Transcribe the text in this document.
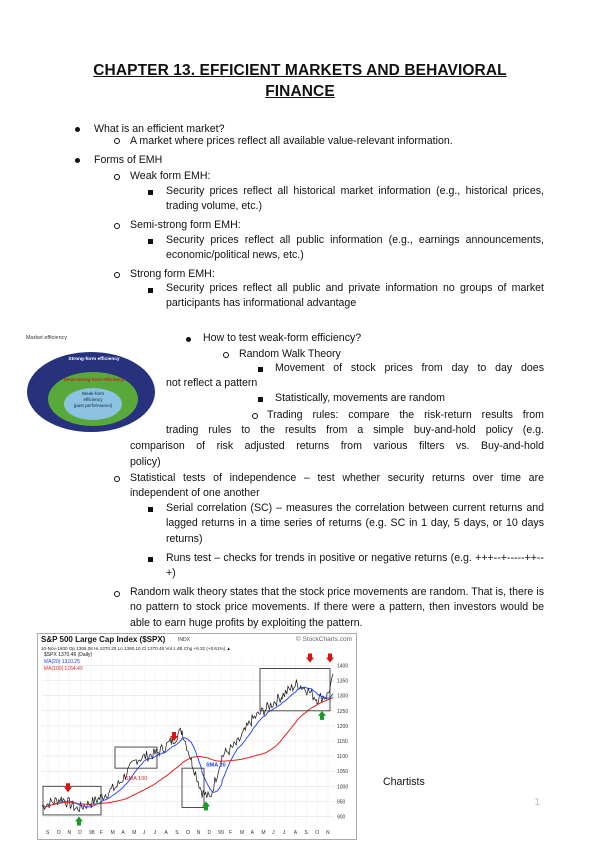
CHAPTER 13. EFFICIENT MARKETS AND BEHAVIORAL
FINANCE
What is an efficient market?
A market where prices reflect all available value-relevant information.
Forms of EMH
Weak form EMH:
Security prices reflect all historical market information (e.g., historical prices, trading volume, etc.)
Semi-strong form EMH:
Security prices reflect all public information (e.g., earnings announcements, economic/political news, etc.)
Strong form EMH:
Security prices reflect all public and private information no groups of market participants has informational advantage
Market efficiency
Strong-form efficiency
Semi-strong form efficiency
Weak-form
efficiency
(past performance)
How to test weak-form efficiency?
Random Walk Theory
Movement of stock prices from day to day does
not reflect a pattern
Statistically, movements are random
Trading rules: compare the risk-return results from
trading rules to the results from a simple buy-and-hold policy (e.g.
comparison of risk adjusted returns from various filters vs. Buy-and-hold
policy)
Statistical tests of independence – test whether security returns over time are independent of one another
Serial correlation (SC) – measures the correlation between current returns and lagged returns in a time series of returns (e.g. SC in 1 day, 5 days, or 10 days returns)
Runs test – checks for trends in positive or negative returns (e.g. +++--+-----++--+)
Random walk theory states that the stock price movements are random. That is, there is no pattern to stock price movements. If there were a pattern, then investors would be able to earn huge profits by exploiting the pattern.
S&P 500 Large Cap Index ($SPX)	INDX	© StockCharts.com
10-Nov-1600 Op 1365.08 Hi 1370.20 Lo 1360.10 Cl 1370.48 Vol 1.4B Chg +9.32 (+0.61%) ▲
$SPX 1370.46 (Daily)
MA(20) 1320.25
MA(100) 1264.48	1400
1350
1300
1250
1200
1150
1100
1050
1000
950
900
S O N D 98 F M A M J J A S O N D 99 F M A M J J A S O N
SMA 100
SMA 20
Chartists
1
